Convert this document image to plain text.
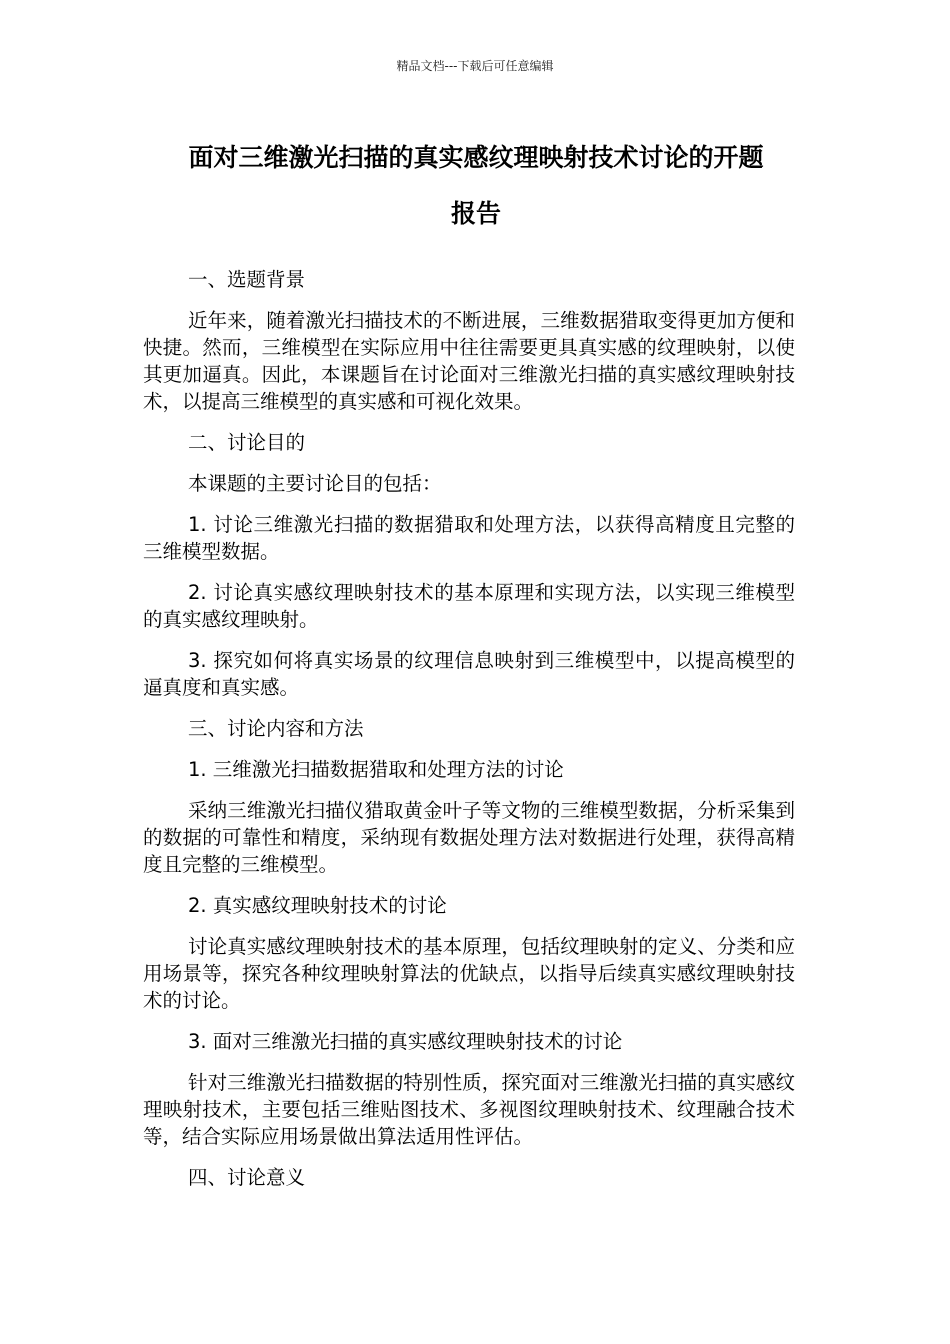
精品文档---下载后可任意编辑
面对三维激光扫描的真实感纹理映射技术讨论的开题
报告

一、选题背景

近年来，随着激光扫描技术的不断进展，三维数据猎取变得更加方便和快捷。然而，三维模型在实际应用中往往需要更具真实感的纹理映射，以使其更加逼真。因此，本课题旨在讨论面对三维激光扫描的真实感纹理映射技术，以提高三维模型的真实感和可视化效果。

二、讨论目的

本课题的主要讨论目的包括：

1. 讨论三维激光扫描的数据猎取和处理方法，以获得高精度且完整的三维模型数据。

2. 讨论真实感纹理映射技术的基本原理和实现方法，以实现三维模型的真实感纹理映射。

3. 探究如何将真实场景的纹理信息映射到三维模型中，以提高模型的逼真度和真实感。

三、讨论内容和方法

1. 三维激光扫描数据猎取和处理方法的讨论

采纳三维激光扫描仪猎取黄金叶子等文物的三维模型数据，分析采集到的数据的可靠性和精度，采纳现有数据处理方法对数据进行处理，获得高精度且完整的三维模型。

2. 真实感纹理映射技术的讨论

讨论真实感纹理映射技术的基本原理，包括纹理映射的定义、分类和应用场景等，探究各种纹理映射算法的优缺点，以指导后续真实感纹理映射技术的讨论。

3. 面对三维激光扫描的真实感纹理映射技术的讨论

针对三维激光扫描数据的特别性质，探究面对三维激光扫描的真实感纹理映射技术，主要包括三维贴图技术、多视图纹理映射技术、纹理融合技术等，结合实际应用场景做出算法适用性评估。

四、讨论意义
